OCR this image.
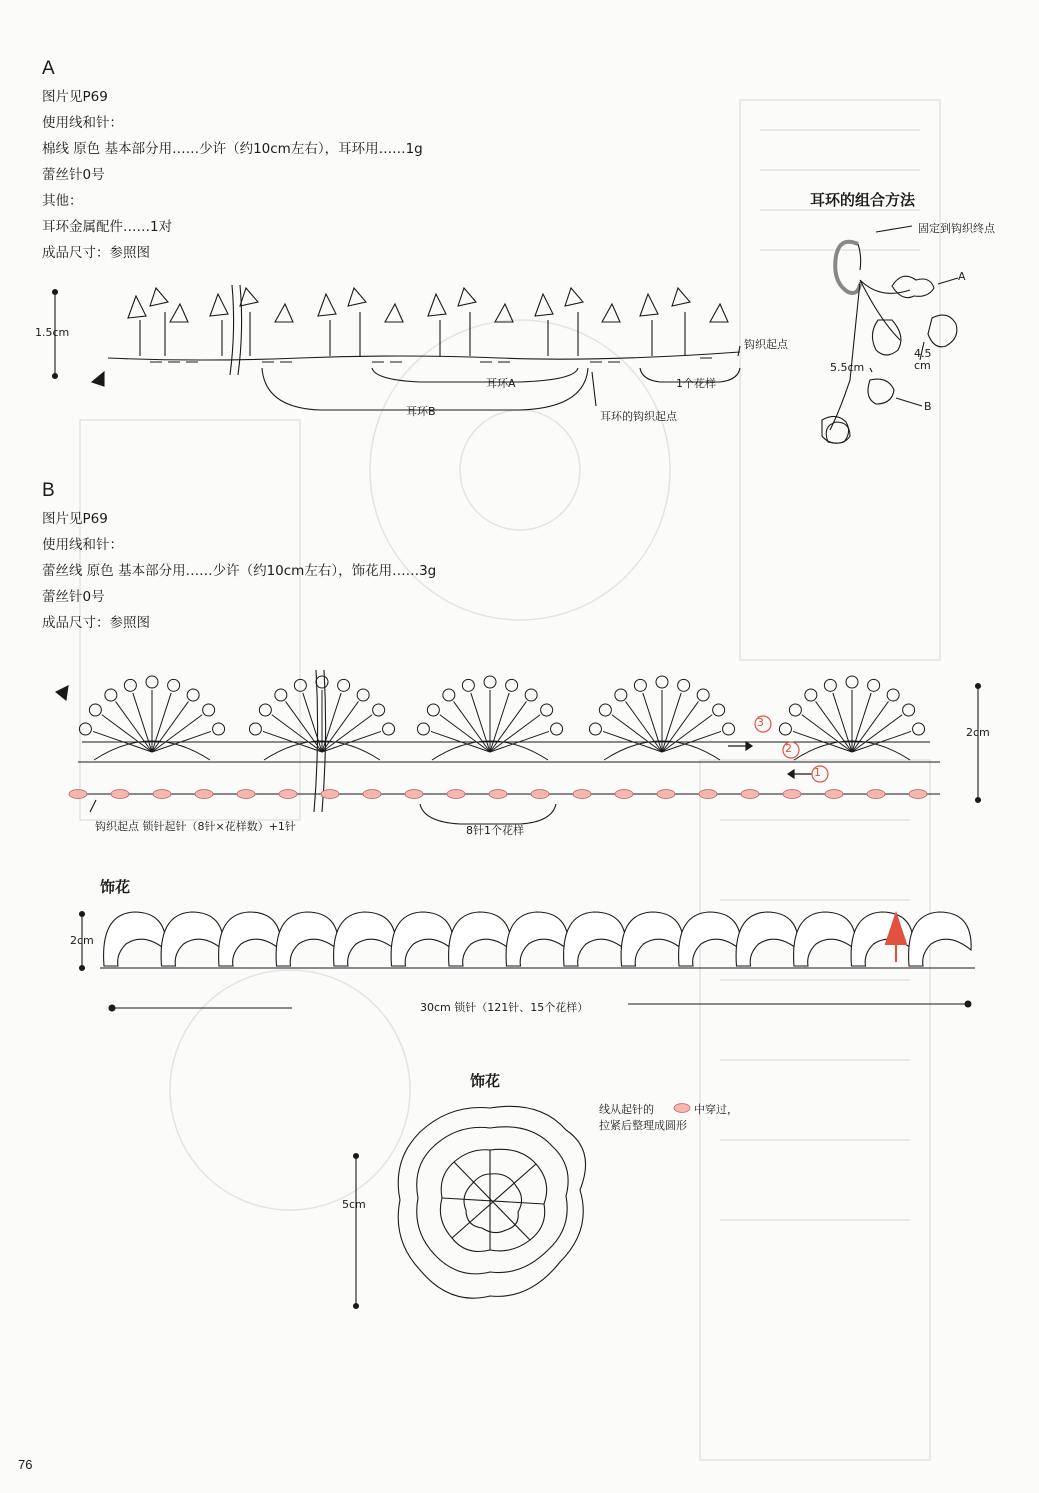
A
图片见P69
使用线和针：
棉线 原色 基本部分用……少许（约10cm左右），耳环用……1g
蕾丝针0号
其他：
耳环金属配件……1对
成品尺寸：参照图
1.5cm
钩织起点
耳环A
耳环B
1个花样
耳环的钩织起点
耳环的组合方法
固定到钩织终点
A
B
4.5
cm
5.5cm
B
图片见P69
使用线和针：
蕾丝线 原色 基本部分用……少许（约10cm左右），饰花用……3g
蕾丝针0号
成品尺寸：参照图
3
2
1
2cm
钩织起点 锁针起针（8针×花样数）+1针	8针1个花样
饰花
2cm
30cm 锁针（121针、15个花样）
饰花
5cm
线从起针的	中穿过，
拉紧后整理成圆形
76
